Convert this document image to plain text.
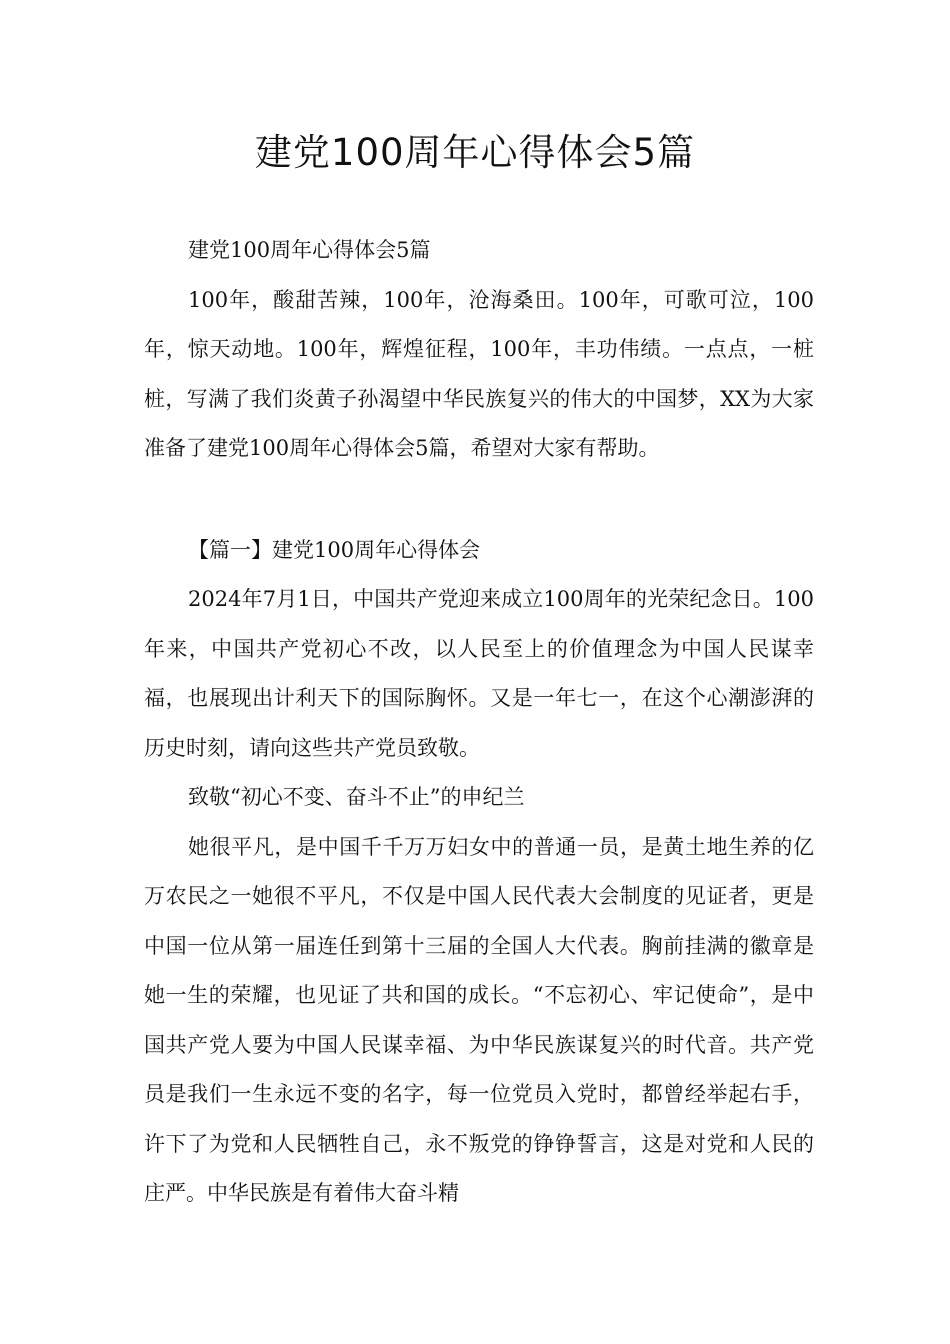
建党100周年心得体会5篇

建党100周年心得体会5篇

100年，酸甜苦辣，100年，沧海桑田。100年，可歌可泣，100年，惊天动地。100年，辉煌征程，100年，丰功伟绩。一点点，一桩桩，写满了我们炎黄子孙渴望中华民族复兴的伟大的中国梦，XX为大家准备了建党100周年心得体会5篇，希望对大家有帮助。

【篇一】建党100周年心得体会

2024年7月1日，中国共产党迎来成立100周年的光荣纪念日。100年来，中国共产党初心不改，以人民至上的价值理念为中国人民谋幸福，也展现出计利天下的国际胸怀。又是一年七一，在这个心潮澎湃的历史时刻，请向这些共产党员致敬。

致敬“初心不变、奋斗不止”的申纪兰

她很平凡，是中国千千万万妇女中的普通一员，是黄土地生养的亿万农民之一她很不平凡，不仅是中国人民代表大会制度的见证者，更是中国一位从第一届连任到第十三届的全国人大代表。胸前挂满的徽章是她一生的荣耀，也见证了共和国的成长。“不忘初心、牢记使命”，是中国共产党人要为中国人民谋幸福、为中华民族谋复兴的时代音。共产党员是我们一生永远不变的名字，每一位党员入党时，都曾经举起右手，许下了为党和人民牺牲自己，永不叛党的铮铮誓言，这是对党和人民的庄严。中华民族是有着伟大奋斗精
